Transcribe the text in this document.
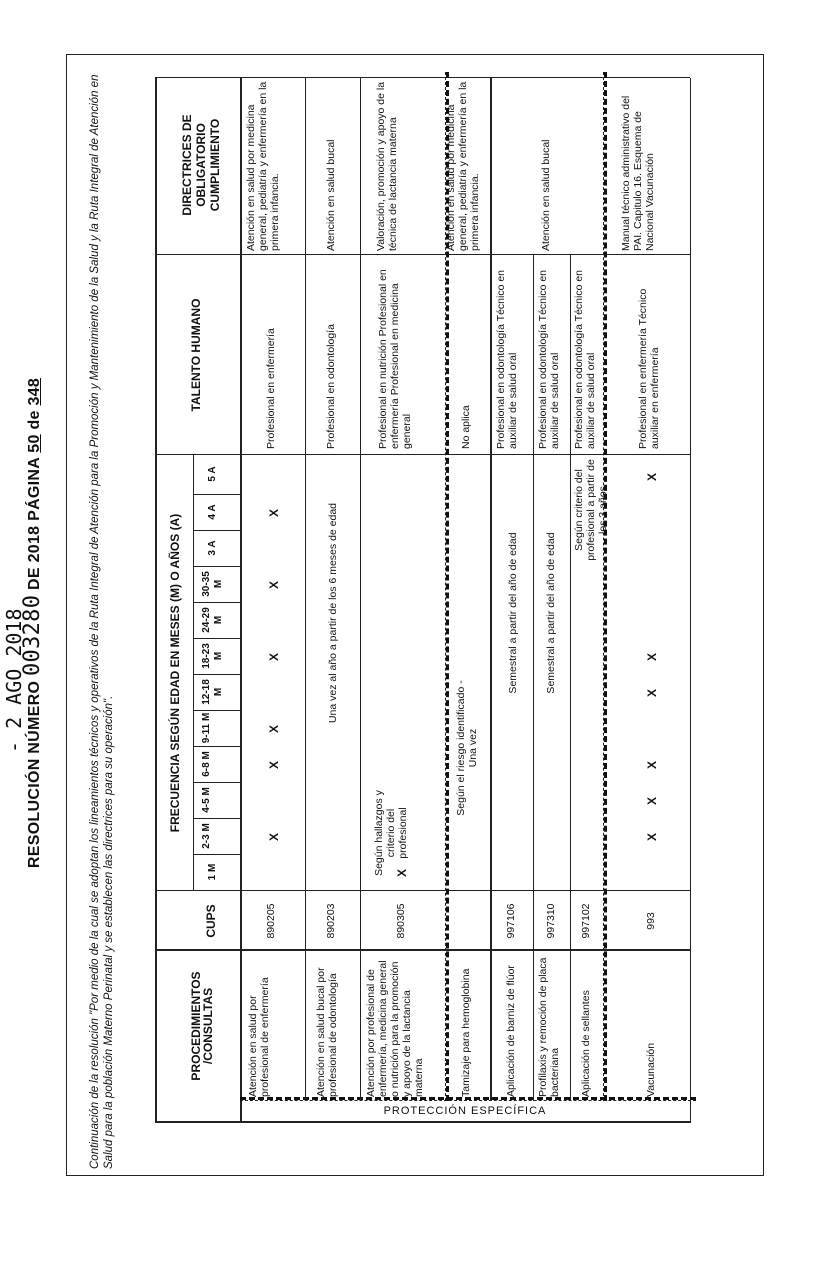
- 2 AGO 2018
RESOLUCIÓN NÚMERO 003280 DE 2018 PÁGINA 50 de 348	Continuación de la resolución "Por medio de la cual se adoptan los lineamientos técnicos y operativos de la Ruta Integral de Atención para la Promoción y Mantenimiento de la Salud y la Ruta Integral de Atención en Salud para la población Materno Perinatal y se establecen las directrices para su operación".	PROCEDIMIENTOS /CONSULTAS
CUPS
FRECUENCIA SEGÚN EDAD EN MESES (M) O AÑOS (A)
TALENTO HUMANO
DIRECTRICES DE OBLIGATORIO CUMPLIMIENTO
1 M
2-3 M
4-5 M
6-8 M
9-11 M
12-18 M
18-23 M
24-29 M
30-35 M
3 A
4 A
5 A
PROTECCIÓN ESPECÍFICA
Atención en salud por profesional de enfermería
890205
Profesional en enfermería
Atención en salud por medicina general, pediatría y enfermería en la primera infancia.
Atención en salud bucal por profesional de odontología
890203
Profesional en odontología
Atención en salud bucal
Atención por profesional de enfermería, medicina general o nutrición para la promoción y apoyo de la lactancia materna
890305
Profesional en nutrición Profesional en enfermería Profesional en medicina general
Valoración, promoción y apoyo de la técnica de lactancia materna
Tamizaje para hemoglobina
No aplica
Atención en salud por medicina general, pediatría y enfermería en la primera infancia.
Aplicación de barniz de flúor
997106
Profesional en odontología Técnico en auxiliar de salud oral
Profilaxis y remoción de placa bacteriana
997310
Profesional en odontología Técnico en auxiliar de salud oral
Atención en salud bucal
Aplicación de sellantes
997102
Profesional en odontología Técnico en auxiliar de salud oral
Vacunación
993
Profesional en enfermería Técnico auxiliar en enfermería
Manual técnico administrativo del PAI. Capitulo 16. Esquema de Nacional Vacunación
Una vez al año a partir de los 6 meses de edad
Según hallazgos y criterio del profesional
Según el riesgo identificado - Una vez
Semestral a partir del año de edad Semestral a partir del año de edad
Según criterio del profesional a partir de los 3 años
X
X
X
X
X
X
X
X
X
X
X
X
X
